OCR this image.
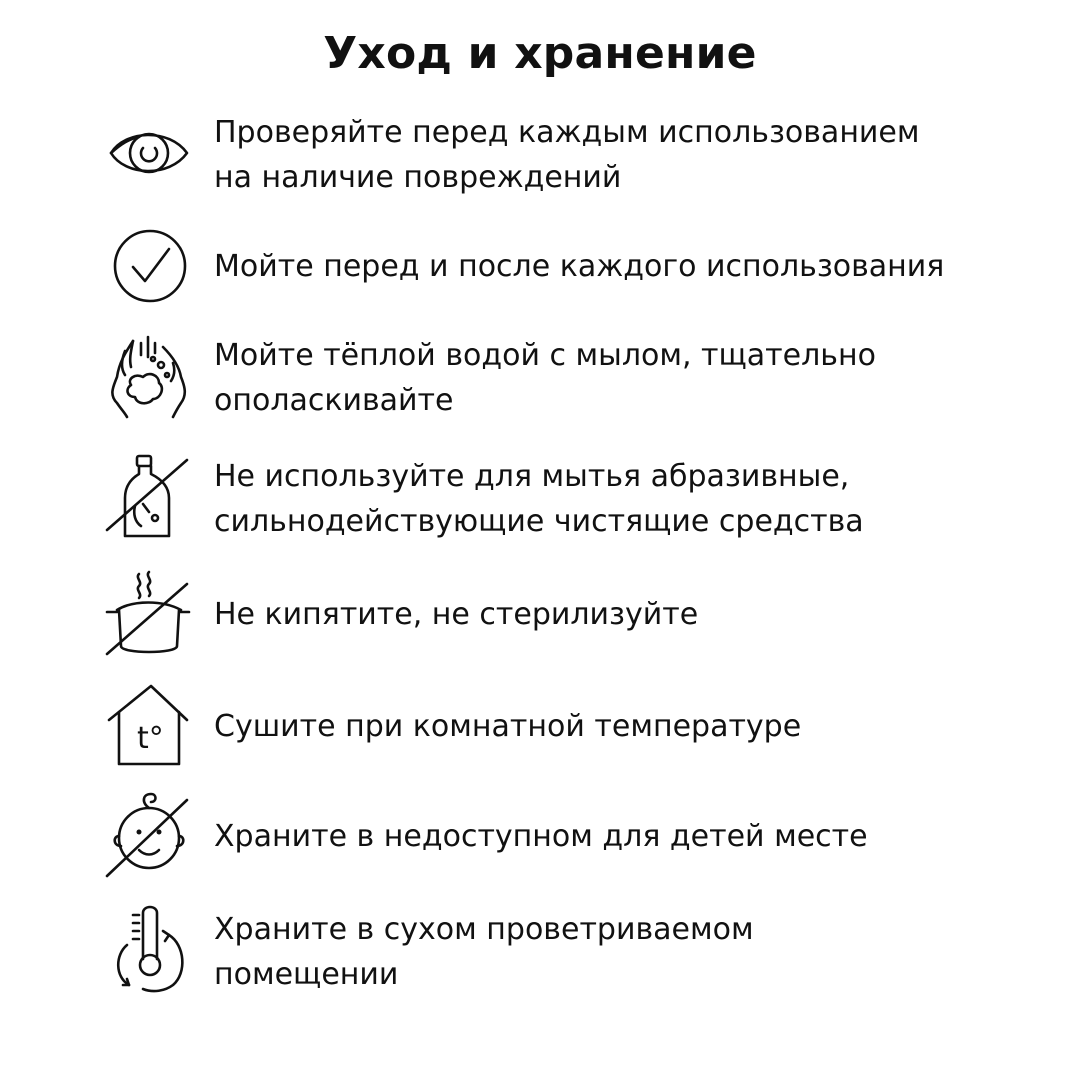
Уход и хранение
Проверяйте перед каждым использованием
на наличие повреждений
Мойте перед и после каждого использования
Мойте тёплой водой с мылом, тщательно
ополаскивайте
Не используйте для мытья абразивные,
сильнодействующие чистящие средства
Не кипятите, не стерилизуйте
t° Сушите при комнатной температуре
Храните в недоступном для детей месте
Храните в сухом проветриваемом
помещении
